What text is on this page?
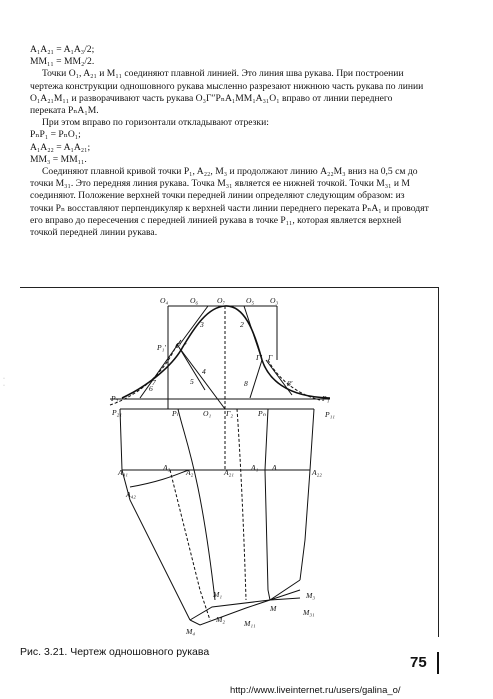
A₁A₂₁ = A₁A₃/2;

MM₁₁ = MM₂/2.

Точки O₁, A₂₁ и M₁₁ соединяют плавной линией. Это линия шва рукава. При построении чертежа конструкции одношовного рукава мысленно разрезают нижнюю часть рукава по линии O₁A₂₁M₁₁ и разворачивают часть рукава O₃Г″PₙA₁MM₁A₃₁O₁ вправо от линии переднего переката PₙA₁M.

При этом вправо по горизонтали откладывают отрезки:

PₙP₁ = PₙO₁;

A₁A₂₂ = A₁A₂₁;

MM₃ = MM₁₁.

Соединяют плавной кривой точки P₁, A₂₂, M₃ и продолжают линию A₂₂M₃ вниз на 0,5 см до точки M₃₁. Это передняя линия рукава. Точка M₃₁ является ее нижней точкой. Точки M₃₁ и M соединяют. Положение верхней точки передней линии определяют следующим образом: из точки Pₙ восставляют перпендикуляр к верхней части линии переднего переката PₙA₁ и проводят его вправо до пересечения с передней линией рукава в точке P₁₁, которая является верхней точкой передней линии рукава.

·
·
O₄	O₆ O₇	O₅ O₃
3	2
P₁′ P₁″
Г′ Г
6
7
4
5	8	8′
P₂	P₁
P₂₁	P₁₁
Pₗ	O₁ Г₂	Pₙ
A₄₁
A₃
A₂	A₂₁
A₁ A
A₂₂
A₄₂
M₁
M₂	M₁₁
M
M₃
M₃₁
M₄
Рис. 3.21. Чертеж одношовного рукава
75
http://www.liveinternet.ru/users/galina_o/
